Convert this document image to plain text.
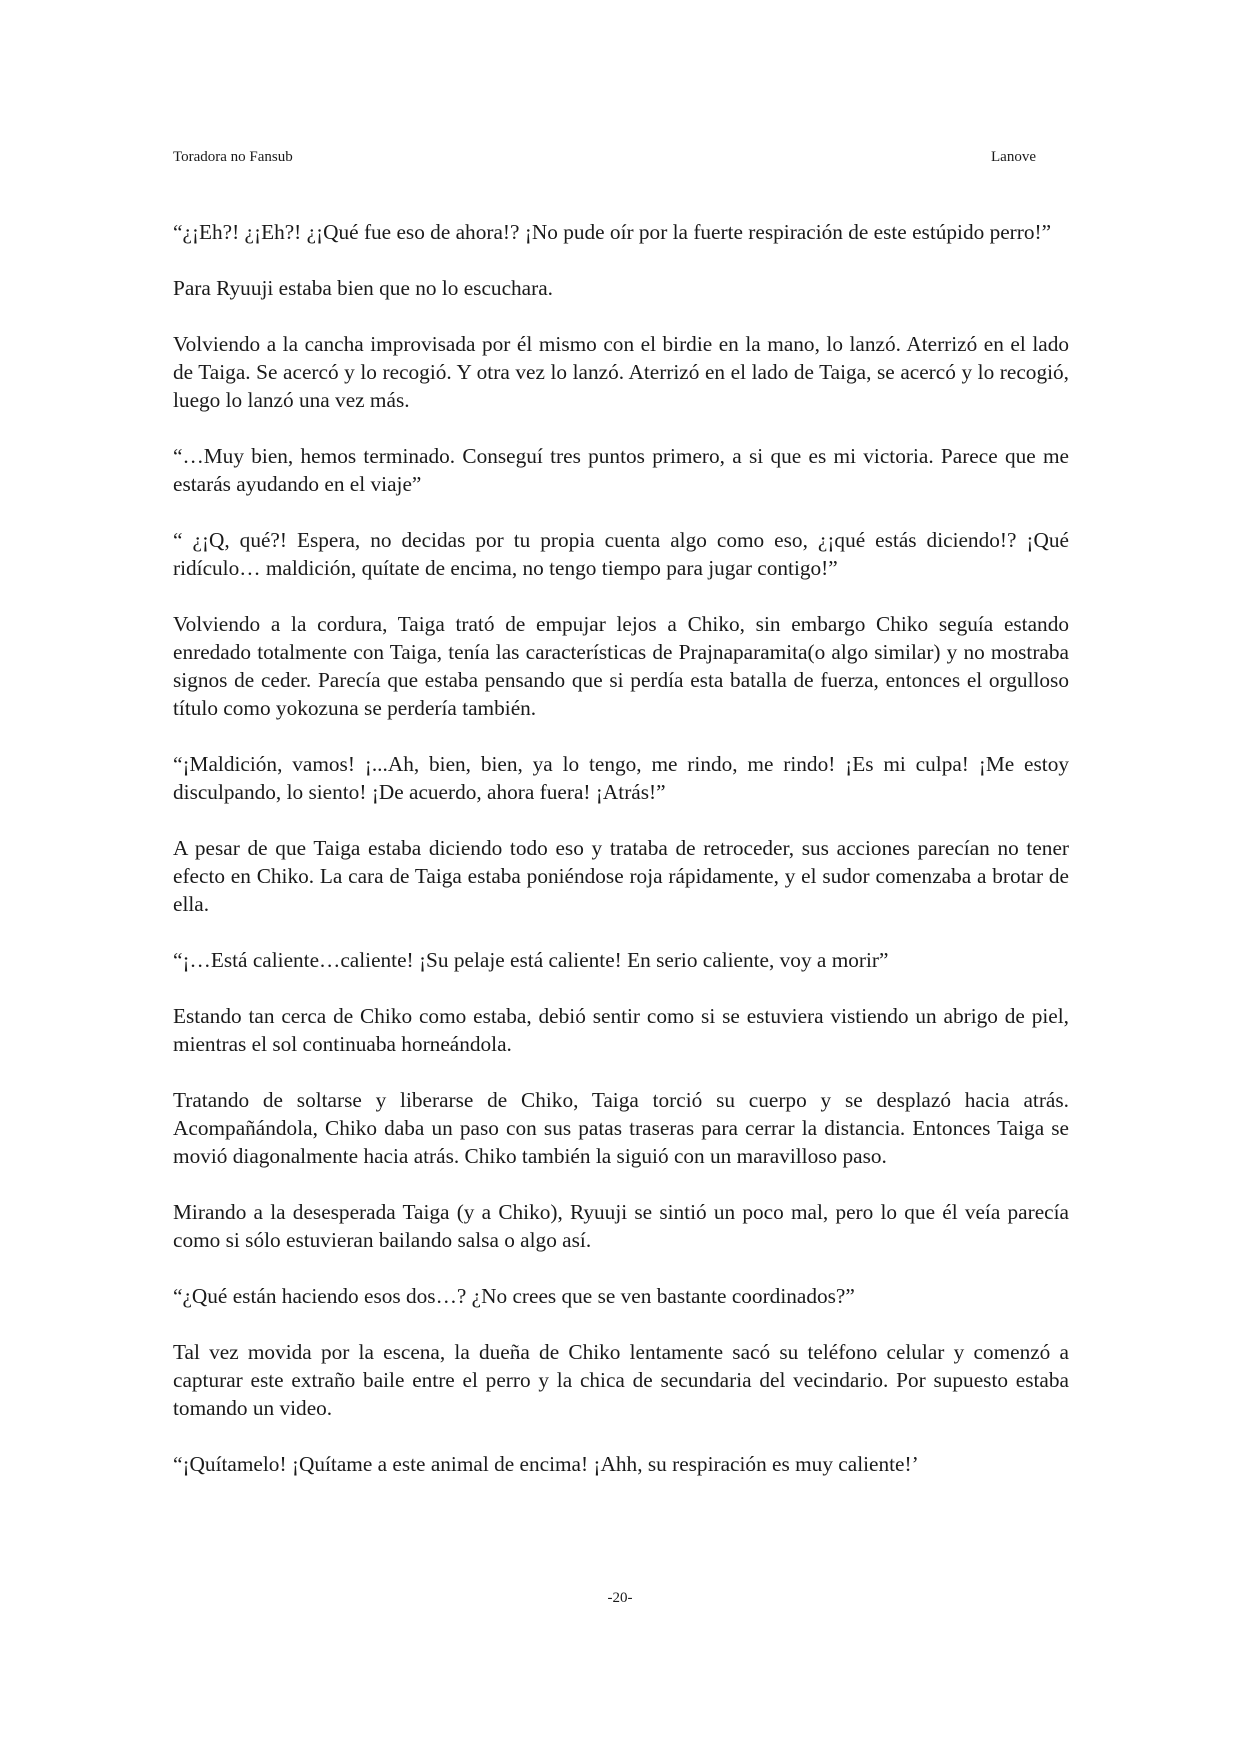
Toradora no Fansub	Lanove

“¿¡Eh?! ¿¡Eh?! ¿¡Qué fue eso de ahora!? ¡No pude oír por la fuerte respiración de este estúpido perro!”

Para Ryuuji estaba bien que no lo escuchara.

Volviendo a la cancha improvisada por él mismo con el birdie en la mano, lo lanzó. Aterrizó en el lado de Taiga. Se acercó y lo recogió. Y otra vez lo lanzó. Aterrizó en el lado de Taiga, se acercó y lo recogió, luego lo lanzó una vez más.

“…Muy bien, hemos terminado. Conseguí tres puntos primero, a si que es mi victoria. Parece que me estarás ayudando en el viaje”

“ ¿¡Q, qué?! Espera, no decidas por tu propia cuenta algo como eso, ¿¡qué estás diciendo!? ¡Qué ridículo… maldición, quítate de encima, no tengo tiempo para jugar contigo!”

Volviendo a la cordura, Taiga trató de empujar lejos a Chiko, sin embargo Chiko seguía estando enredado totalmente con Taiga, tenía las características de Prajnaparamita(o algo similar) y no mostraba signos de ceder. Parecía que estaba pensando que si perdía esta batalla de fuerza, entonces el orgulloso título como yokozuna se perdería también.

“¡Maldición, vamos! ¡...Ah, bien, bien, ya lo tengo, me rindo, me rindo! ¡Es mi culpa! ¡Me estoy disculpando, lo siento! ¡De acuerdo, ahora fuera! ¡Atrás!”

A pesar de que Taiga estaba diciendo todo eso y trataba de retroceder, sus acciones parecían no tener efecto en Chiko. La cara de Taiga estaba poniéndose roja rápidamente, y el sudor comenzaba a brotar de ella.

“¡…Está caliente…caliente! ¡Su pelaje está caliente! En serio caliente, voy a morir”

Estando tan cerca de Chiko como estaba, debió sentir como si se estuviera vistiendo un abrigo de piel, mientras el sol continuaba horneándola.

Tratando de soltarse y liberarse de Chiko, Taiga torció su cuerpo y se desplazó hacia atrás. Acompañándola, Chiko daba un paso con sus patas traseras para cerrar la distancia. Entonces Taiga se movió diagonalmente hacia atrás. Chiko también la siguió con un maravilloso paso.

Mirando a la desesperada Taiga (y a Chiko), Ryuuji se sintió un poco mal, pero lo que él veía parecía como si sólo estuvieran bailando salsa o algo así.

“¿Qué están haciendo esos dos…? ¿No crees que se ven bastante coordinados?”

Tal vez movida por la escena, la dueña de Chiko lentamente sacó su teléfono celular y comenzó a capturar este extraño baile entre el perro y la chica de secundaria del vecindario. Por supuesto estaba tomando un video.

“¡Quítamelo! ¡Quítame a este animal de encima! ¡Ahh, su respiración es muy caliente!’

-20-
